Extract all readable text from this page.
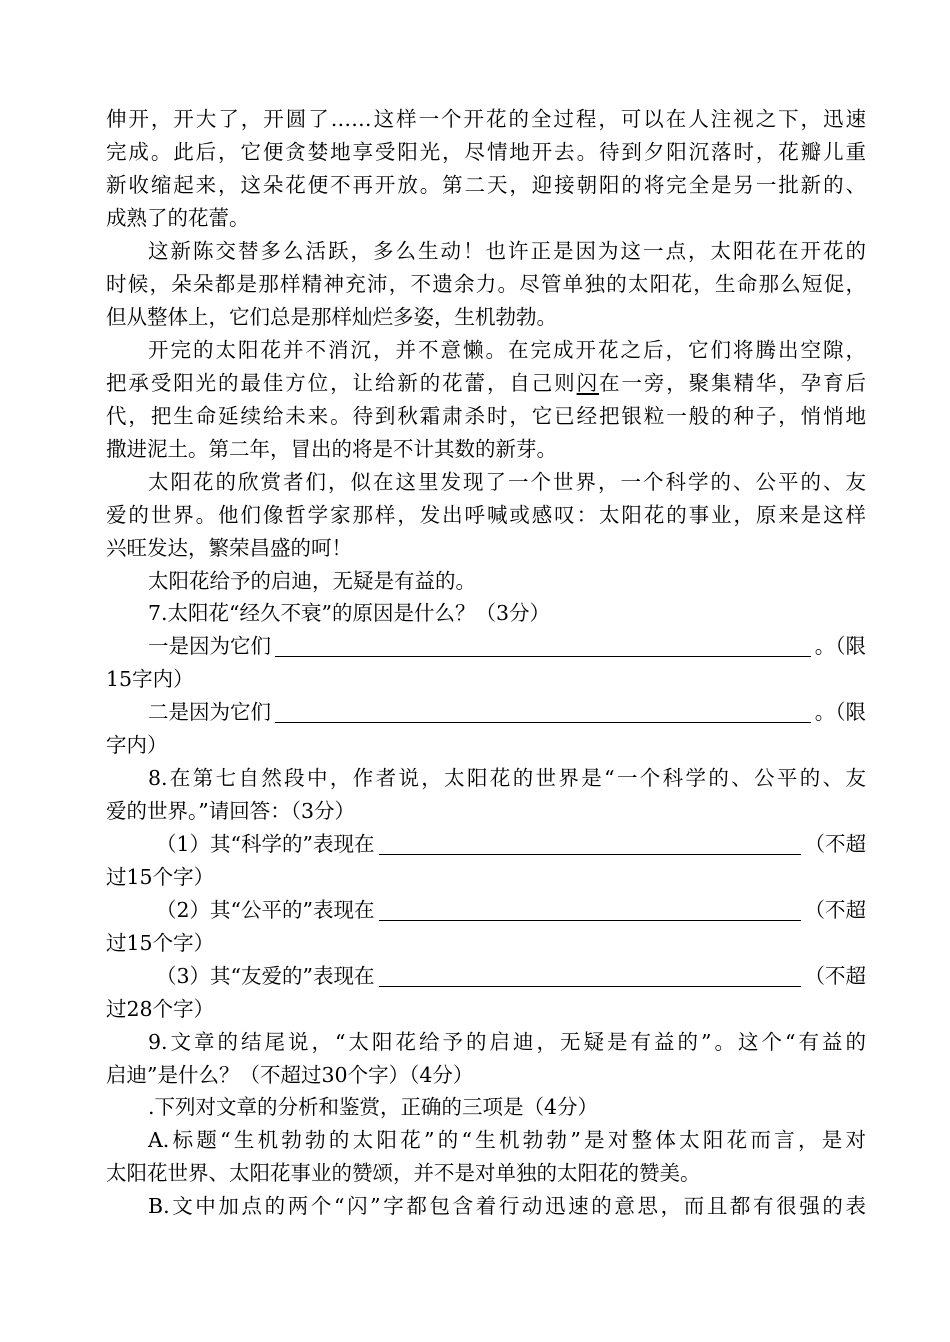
伸开，开大了，开圆了……这样一个开花的全过程，可以在人注视之下，迅速
完成。此后，它便贪婪地享受阳光，尽情地开去。待到夕阳沉落时，花瓣儿重
新收缩起来，这朵花便不再开放。第二天，迎接朝阳的将完全是另一批新的、
成熟了的花蕾。
这新陈交替多么活跃，多么生动！也许正是因为这一点，太阳花在开花的
时候，朵朵都是那样精神充沛，不遗余力。尽管单独的太阳花，生命那么短促，
但从整体上，它们总是那样灿烂多姿，生机勃勃。
开完的太阳花并不消沉，并不意懒。在完成开花之后，它们将腾出空隙，
把承受阳光的最佳方位，让给新的花蕾，自己则闪在一旁，聚集精华，孕育后
代，把生命延续给未来。待到秋霜肃杀时，它已经把银粒一般的种子，悄悄地
撒进泥土。第二年，冒出的将是不计其数的新芽。
太阳花的欣赏者们，似在这里发现了一个世界，一个科学的、公平的、友
爱的世界。他们像哲学家那样，发出呼喊或感叹：太阳花的事业，原来是这样
兴旺发达，繁荣昌盛的呵！
太阳花给予的启迪，无疑是有益的。
7.太阳花“经久不衰”的原因是什么？（3分）
一是因为它们	。（限
15字内）
二是因为它们	。（限
字内）
8.在第七自然段中，作者说，太阳花的世界是“一个科学的、公平的、友
爱的世界。”请回答：（3分）
（1）其“科学的”表现在	（不超
过15个字）
（2）其“公平的”表现在	（不超
过15个字）
（3）其“友爱的”表现在	（不超
过28个字）
9.文章的结尾说，“太阳花给予的启迪，无疑是有益的”。这个“有益的
启迪”是什么？（不超过30个字）（4分）
.下列对文章的分析和鉴赏，正确的三项是（4分）
A.标题“生机勃勃的太阳花”的“生机勃勃”是对整体太阳花而言，是对
太阳花世界、太阳花事业的赞颂，并不是对单独的太阳花的赞美。
B.文中加点的两个“闪”字都包含着行动迅速的意思，而且都有很强的表
